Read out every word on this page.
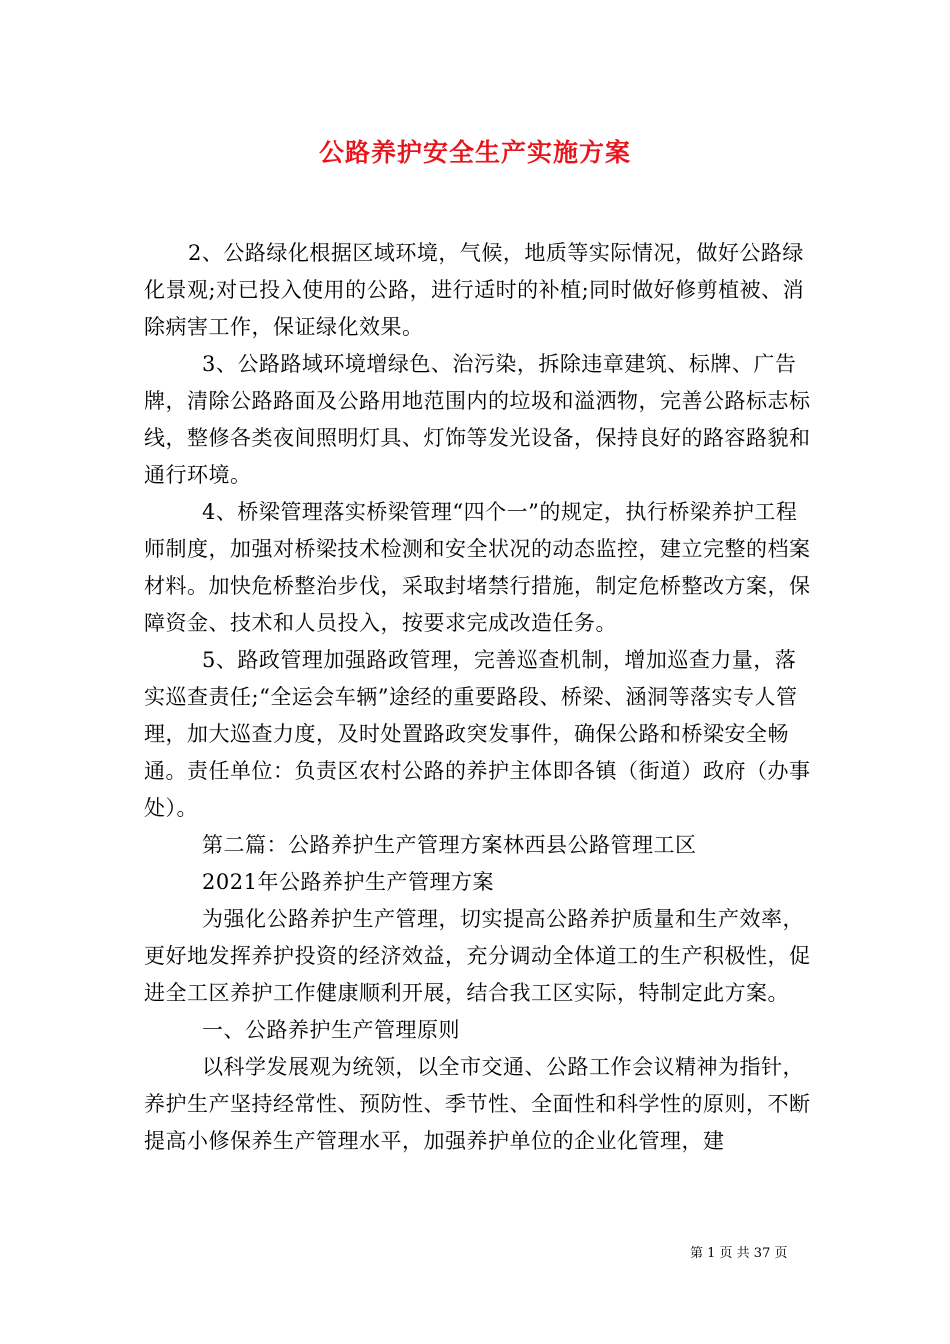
公路养护安全生产实施方案

2、公路绿化根据区域环境，气候，地质等实际情况，做好公路绿化景观;对已投入使用的公路，进行适时的补植;同时做好修剪植被、消除病害工作，保证绿化效果。

3、公路路域环境增绿色、治污染，拆除违章建筑、标牌、广告牌，清除公路路面及公路用地范围内的垃圾和溢洒物，完善公路标志标线，整修各类夜间照明灯具、灯饰等发光设备，保持良好的路容路貌和通行环境。

4、桥梁管理落实桥梁管理“四个一”的规定，执行桥梁养护工程师制度，加强对桥梁技术检测和安全状况的动态监控，建立完整的档案材料。加快危桥整治步伐，采取封堵禁行措施，制定危桥整改方案，保障资金、技术和人员投入，按要求完成改造任务。

5、路政管理加强路政管理，完善巡查机制，增加巡查力量，落实巡查责任;“全运会车辆”途经的重要路段、桥梁、涵洞等落实专人管理，加大巡查力度，及时处置路政突发事件，确保公路和桥梁安全畅通。责任单位：负责区农村公路的养护主体即各镇（街道）政府（办事处）。

第二篇：公路养护生产管理方案林西县公路管理工区

2021年公路养护生产管理方案

为强化公路养护生产管理，切实提高公路养护质量和生产效率，更好地发挥养护投资的经济效益，充分调动全体道工的生产积极性，促进全工区养护工作健康顺利开展，结合我工区实际，特制定此方案。

一、公路养护生产管理原则

以科学发展观为统领，以全市交通、公路工作会议精神为指针，养护生产坚持经常性、预防性、季节性、全面性和科学性的原则，不断提高小修保养生产管理水平，加强养护单位的企业化管理，建

第 1 页 共 37 页
